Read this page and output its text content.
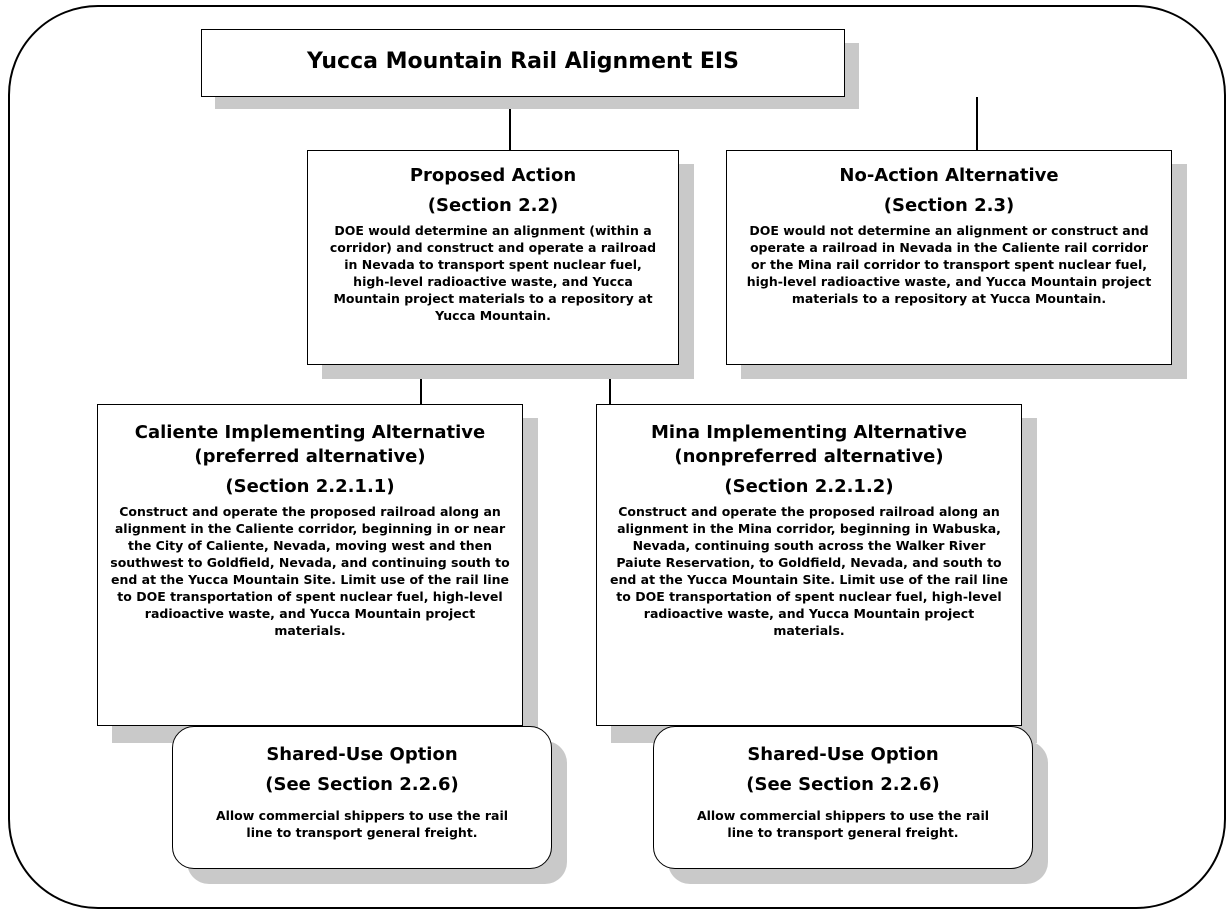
Yucca Mountain Rail Alignment EIS
Proposed Action
(Section 2.2)
DOE would determine an alignment (within a corridor) and construct and operate a railroad in Nevada to transport spent nuclear fuel, high-level radioactive waste, and Yucca Mountain project materials to a repository at Yucca Mountain.
No-Action Alternative
(Section 2.3)
DOE would not determine an alignment or construct and operate a railroad in Nevada in the Caliente rail corridor or the Mina rail corridor to transport spent nuclear fuel, high-level radioactive waste, and Yucca Mountain project materials to a repository at Yucca Mountain.
Caliente Implementing Alternative
(preferred alternative)
(Section 2.2.1.1)
Construct and operate the proposed railroad along an alignment in the Caliente corridor, beginning in or near the City of Caliente, Nevada, moving west and then southwest to Goldfield, Nevada, and continuing south to end at the Yucca Mountain Site. Limit use of the rail line to DOE transportation of spent nuclear fuel, high-level radioactive waste, and Yucca Mountain project materials.
Mina Implementing Alternative
(nonpreferred alternative)
(Section 2.2.1.2)
Construct and operate the proposed railroad along an alignment in the Mina corridor, beginning in Wabuska, Nevada, continuing south across the Walker River Paiute Reservation, to Goldfield, Nevada, and south to end at the Yucca Mountain Site. Limit use of the rail line to DOE transportation of spent nuclear fuel, high-level radioactive waste, and Yucca Mountain project materials.
Shared-Use Option
(See Section 2.2.6)
Allow commercial shippers to use the rail line to transport general freight.
Shared-Use Option
(See Section 2.2.6)
Allow commercial shippers to use the rail line to transport general freight.
